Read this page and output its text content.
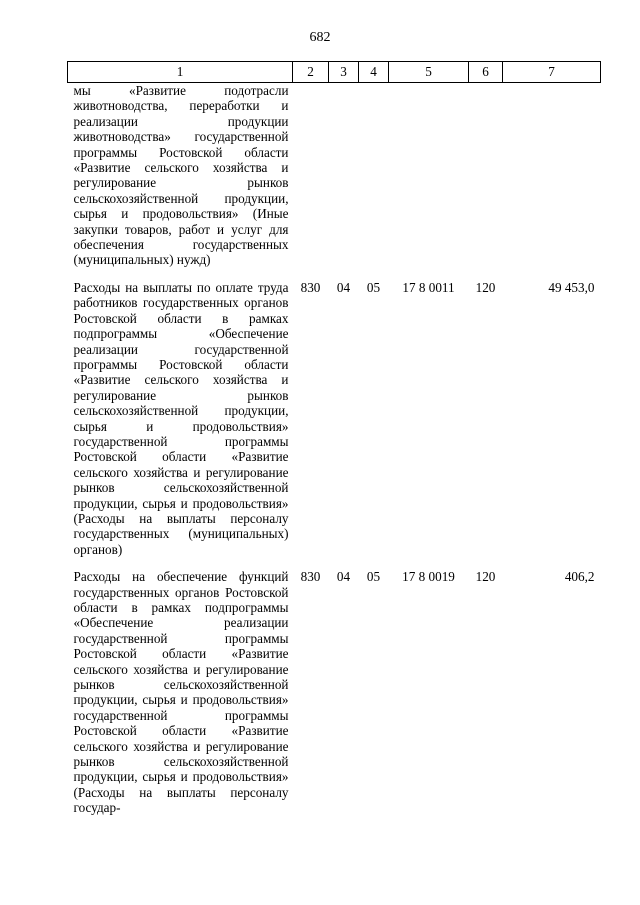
682
1	2	3	4	5	6	7
мы «Развитие подотрасли животноводства, переработки и реализации продукции животноводства» государственной программы Ростовской области «Развитие сельского хозяйства и регулирование рынков сельскохозяйственной продукции, сырья и продовольствия» (Иные закупки товаров, работ и услуг для обеспечения государственных (муниципальных) нужд)						
Расходы на выплаты по оплате труда работников государственных органов Ростовской области в рамках подпрограммы «Обеспечение реализации государственной программы Ростовской области «Развитие сельского хозяйства и регулирование рынков сельскохозяйственной продукции, сырья и продовольствия» государственной программы Ростовской области «Развитие сельского хозяйства и регулирование рынков сельскохозяйственной продукции, сырья и продовольствия» (Расходы на выплаты персоналу государственных (муниципальных) органов)	830	04	05	17 8 0011	120	49 453,0
Расходы на обеспечение функций государственных органов Ростовской области в рамках подпрограммы «Обеспечение реализации государственной программы Ростовской области «Развитие сельского хозяйства и регулирование рынков сельскохозяйственной продукции, сырья и продовольствия» государственной программы Ростовской области «Развитие сельского хозяйства и регулирование рынков сельскохозяйственной продукции, сырья и продовольствия» (Расходы на выплаты персоналу государ-	830	04	05	17 8 0019	120	406,2
